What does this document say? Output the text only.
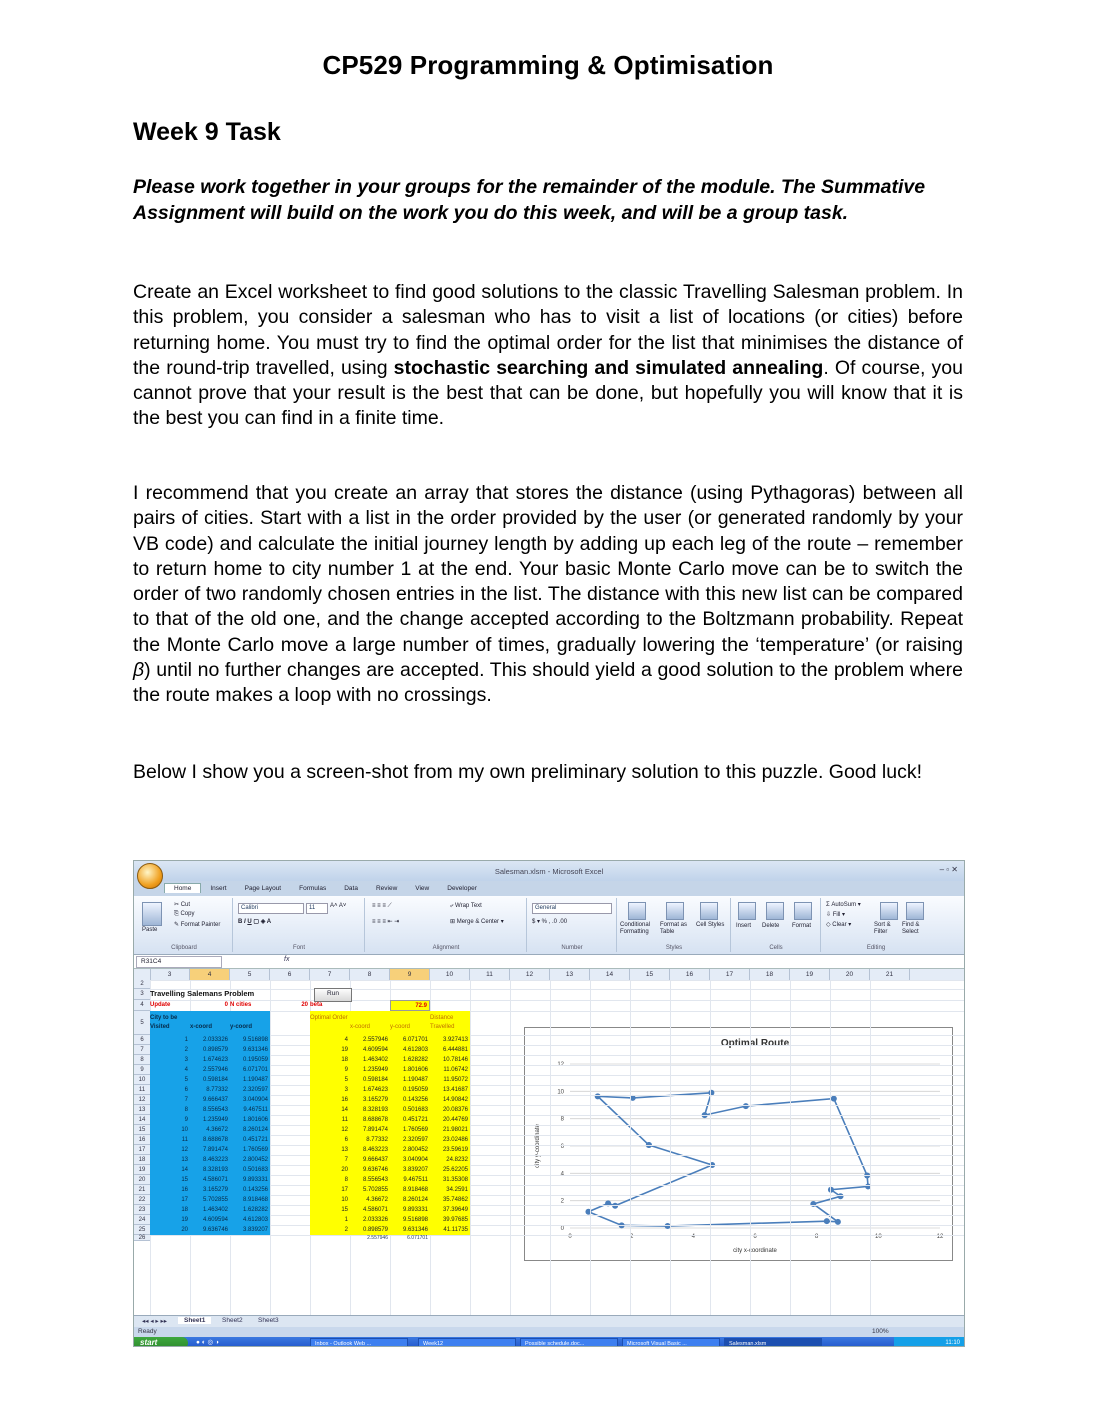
CP529 Programming & Optimisation
Week 9 Task

Please work together in your groups for the remainder of the module. The Summative Assignment will build on the work you do this week, and will be a group task.

Create an Excel worksheet to find good solutions to the classic Travelling Salesman problem. In this problem, you consider a salesman who has to visit a list of locations (or cities) before returning home. You must try to find the optimal order for the list that minimises the distance of the round-trip travelled, using stochastic searching and simulated annealing. Of course, you cannot prove that your result is the best that can be done, but hopefully you will know that it is the best you can find in a finite time.

I recommend that you create an array that stores the distance (using Pythagoras) between all pairs of cities. Start with a list in the order provided by the user (or generated randomly by your VB code) and calculate the initial journey length by adding up each leg of the route – remember to return home to city number 1 at the end. Your basic Monte Carlo move can be to switch the order of two randomly chosen entries in the list. The distance with this new list can be compared to that of the old one, and the change accepted according to the Boltzmann probability. Repeat the Monte Carlo move a large number of times, gradually lowering the ‘temperature’ (or raising β) until no further changes are accepted. This should yield a good solution to the problem where the route makes a loop with no crossings.

Below I show you a screen-shot from my own preliminary solution to this puzzle. Good luck!

Salesman.xlsm - Microsoft Excel	– ▫ ✕
Home	Insert	Page Layout	Formulas	Data	Review	View	Developer
Paste
✂ Cut
⎘ Copy
✎ Format Painter
Clipboard
Calibri	11	A˄ A˅
B I U ▢ ◈ A
Font
≡ ≡ ≡ ⟋
≡ ≡ ≡ ⇤ ⇥
⤶ Wrap Text
⊞ Merge & Center ▾
Alignment
General
$ ▾ % , .0 .00
Number
Conditional Formatting
Format as Table
Cell Styles
Styles
Insert Delete Format
Cells
Σ AutoSum ▾
⇩ Fill ▾
◇ Clear ▾	Sort & Filter
Find & Select
Editing
R31C4	fx
3	4	5	6	7	8	9	10	11	12	13	14	15	16	17	18	19	20	21
0
2
4
6
8
10
12
0	2	4	6	8	10	12
Optimal Route
city x-coordinate
city y-coordinate
2
3
4
5
6
7
8
9
10
11
12
13
14
15
16
17
18
19
20
21
22
23
24
25
26
Travelling Salemans Problem	Run
Update	0 N cities	20 beta	72.9
City to be Visited	x-coord	y-coord
Optimal Order
x-coord	y-coord
Distance Travelled
1	2.033326	9.516898
2	0.898579	9.631346
3	1.674623	0.195059
4	2.557946	6.071701
5	0.598184	1.190487
6	8.77332	2.320597
7	9.666437	3.040904
8	8.556543	9.467511
9	1.235949	1.801606
10	4.36672	8.260124
11	8.688678	0.451721
12	7.891474	1.760569
13	8.463223	2.800452
14	8.328193	0.501683
15	4.586071	9.893331
16	3.165279	0.143256
17	5.702855	8.918468
18	1.463402	1.628282
19	4.609594	4.612803
20	9.636746	3.839207
4	2.557946	6.071701	3.927413
19	4.609594	4.612803	6.444881
18	1.463402	1.628282	10.78146
9	1.235949	1.801606	11.06742
5	0.598184	1.190487	11.95072
3	1.674623	0.195059	13.41687
16	3.165279	0.143256	14.90842
14	8.328193	0.501683	20.08376
11	8.688678	0.451721	20.44769
12	7.891474	1.760569	21.98021
6	8.77332	2.320597	23.02486
13	8.463223	2.800452	23.59619
7	9.666437	3.040904	24.8232
20	9.636746	3.839207	25.62205
8	8.556543	9.467511	31.35308
17	5.702855	8.918468	34.2591
10	4.36672	8.260124	35.74862
15	4.586071	9.893331	37.39649
1	2.033326	9.516898	39.97685
2	0.898579	9.631346	41.11735
2.557946	6.071701
◂◂ ◂ ▸ ▸▸	Sheet1	Sheet2	Sheet3
Ready	100%
start	11:10
● ◐ ◎ ◑	Inbox - Outlook Web ...	Week12	Possible schedule.doc...	Microsoft Visual Basic ...	Salesman.xlsm
